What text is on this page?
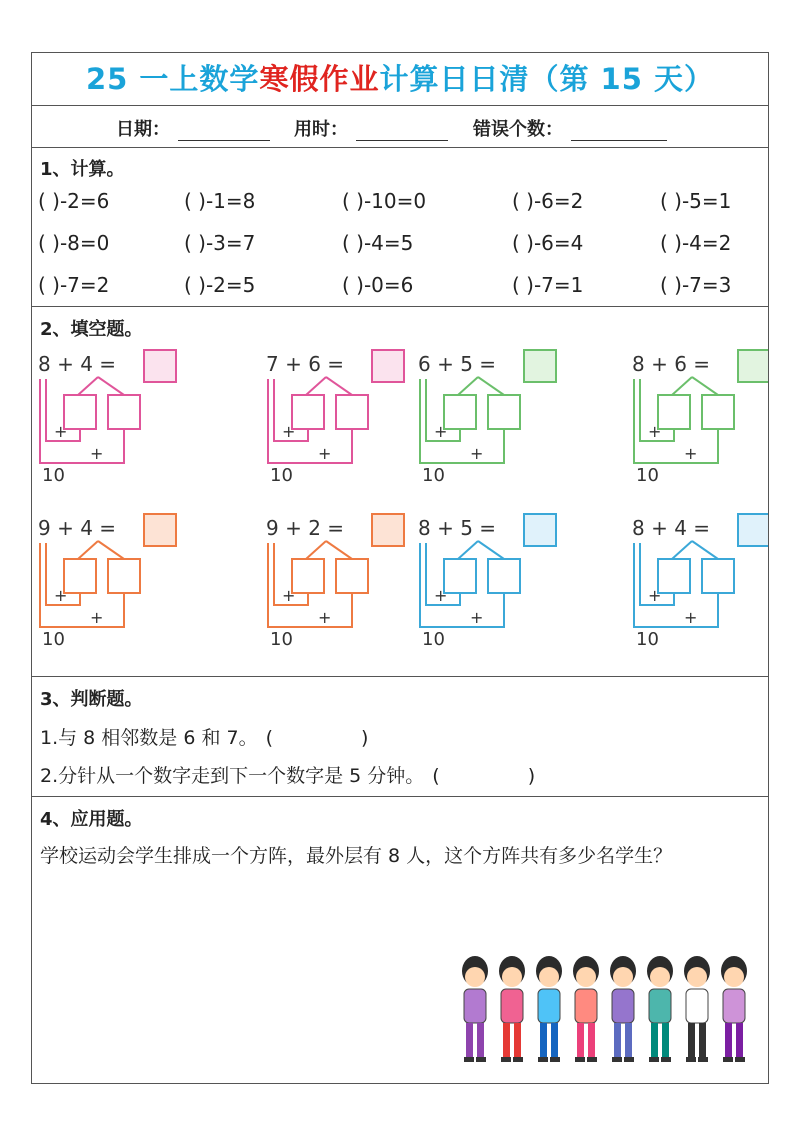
25 一上数学寒假作业计算日日清（第 15 天）
日期：	用时：	错误个数：
1、计算。
( )-2=6	( )-1=8	( )-10=0	( )-6=2	( )-5=1
( )-8=0	( )-3=7	( )-4=5	( )-6=4	( )-4=2
( )-7=2	( )-2=5	( )-0=6	( )-7=1	( )-7=3
2、填空题。
8 + 4 =
+
+
10
7 + 6 =
+
+
10
6 + 5 =
+
+
10
8 + 6 =
+
+
10
9 + 4 =
+
+
10
9 + 2 =
+
+
10
8 + 5 =
+
+
10
8 + 4 =
+
+
10
3、判断题。
1.与 8 相邻数是 6 和 7。 (	)
2.分针从一个数字走到下一个数字是 5 分钟。 (	)
4、应用题。
学校运动会学生排成一个方阵，最外层有 8 人，这个方阵共有多少名学生？
